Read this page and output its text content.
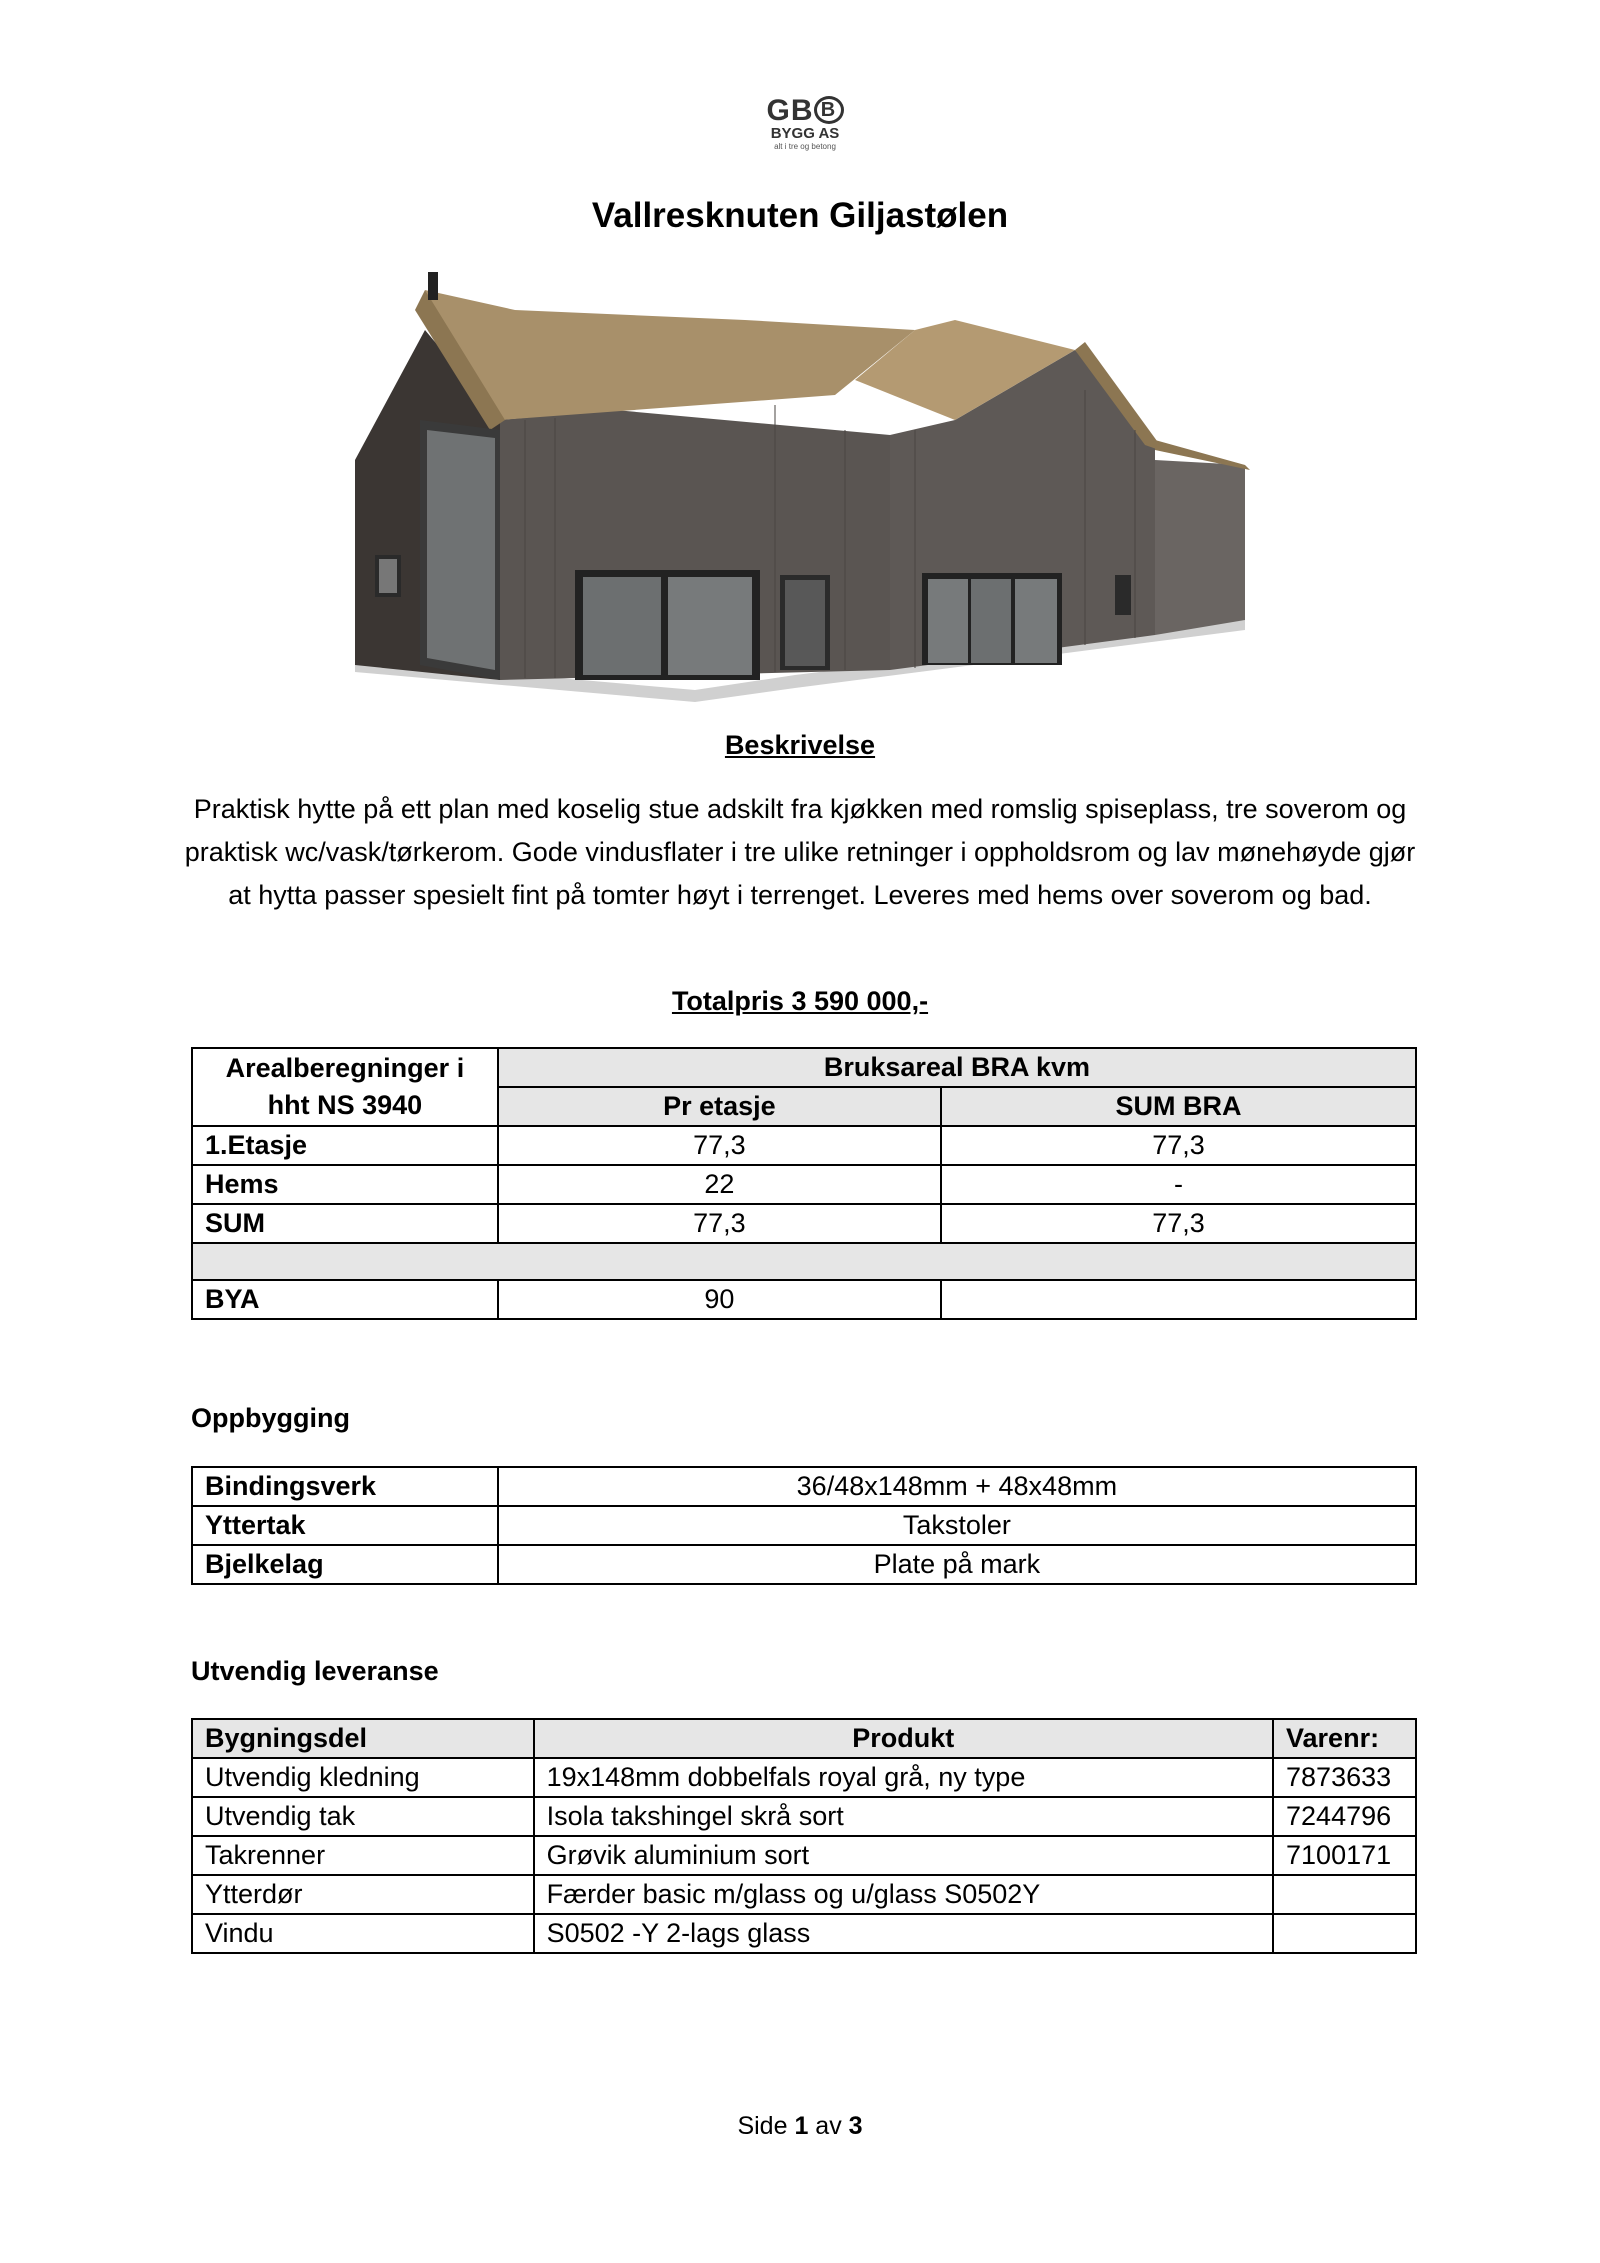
GB B
BYGG AS
alt i tre og betong
Vallresknuten Giljastølen
Beskrivelse
Praktisk hytte på ett plan med koselig stue adskilt fra kjøkken med romslig spiseplass, tre soverom og praktisk wc/vask/tørkerom. Gode vindusflater i tre ulike retninger i oppholdsrom og lav mønehøyde gjør at hytta passer spesielt fint på tomter høyt i terrenget. Leveres med hems over soverom og bad.
Totalpris 3 590 000,-
Arealberegninger i hht NS 3940	Bruksareal BRA kvm	
	Pr etasje	SUM BRA
1.Etasje	77,3	77,3
Hems	22	-
SUM	77,3	77,3

BYA	90	
Oppbygging
Bindingsverk	36/48x148mm + 48x48mm
Yttertak	Takstoler
Bjelkelag	Plate på mark
Utvendig leveranse
Bygningsdel	Produkt	Varenr:
Utvendig kledning	19x148mm dobbelfals royal grå, ny type	7873633
Utvendig tak	Isola takshingel skrå sort	7244796
Takrenner	Grøvik aluminium sort	7100171
Ytterdør	Færder basic m/glass og u/glass S0502Y	
Vindu	S0502 -Y 2-lags glass	
Side 1 av 3
